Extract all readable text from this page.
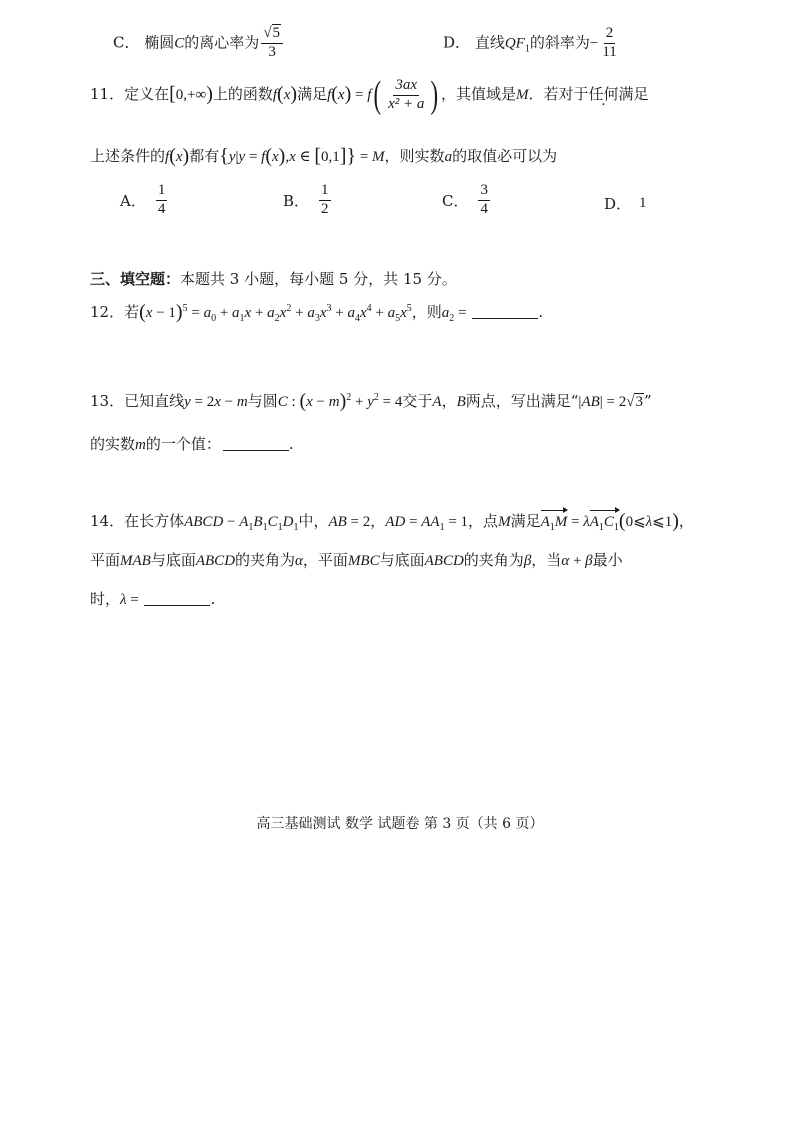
C． 椭圆C的离心率为 $\frac{√5}{3}$	D． 直线$QF_1$的斜率为− $\frac{2}{11}$
11．定义在[0,+∞)上的函数f(x)满足$f(x) = f( \frac{3ax}{\text{x² + a}}$ ) ，其值域是M．若对于任何满足
上述条件的f(x)都有{y|y = f(x),x ∈ [0,1]} = M，则实数a的取值必可以为
A． $\frac{1}{4}$	B． $\frac{1}{2}$	C． $\frac{3}{4}$	D． 1
三、填空题：本题共 3 小题，每小题 5 分，共 15 分。
12．若$(x - 1)^5 = a_0 + a_1x + a_2x^2 + a_3x^3 + a_4x^4 + a_5x^5$，则$a_2$ =	.
13．已知直线y = 2x − m与圆C : $(x - m)^2 + y^2 = 4$交于A，B两点，写出满足“|AB| = 2√3”
的实数m的一个值：	.
14．在长方体ABCD − $A_1B_1C_1D_1$中，AB = 2，AD = $AA_1 = 1$，点M满足$A_1M$ = $\lambda A_1C_1(0⩽\lambda⩽1)$，
平面MAB与底面ABCD的夹角为α，平面MBC与底面ABCD的夹角为β，当α + β最小
时，λ =	.
高三基础测试 数学 试题卷 第 3 页（共 6 页）
